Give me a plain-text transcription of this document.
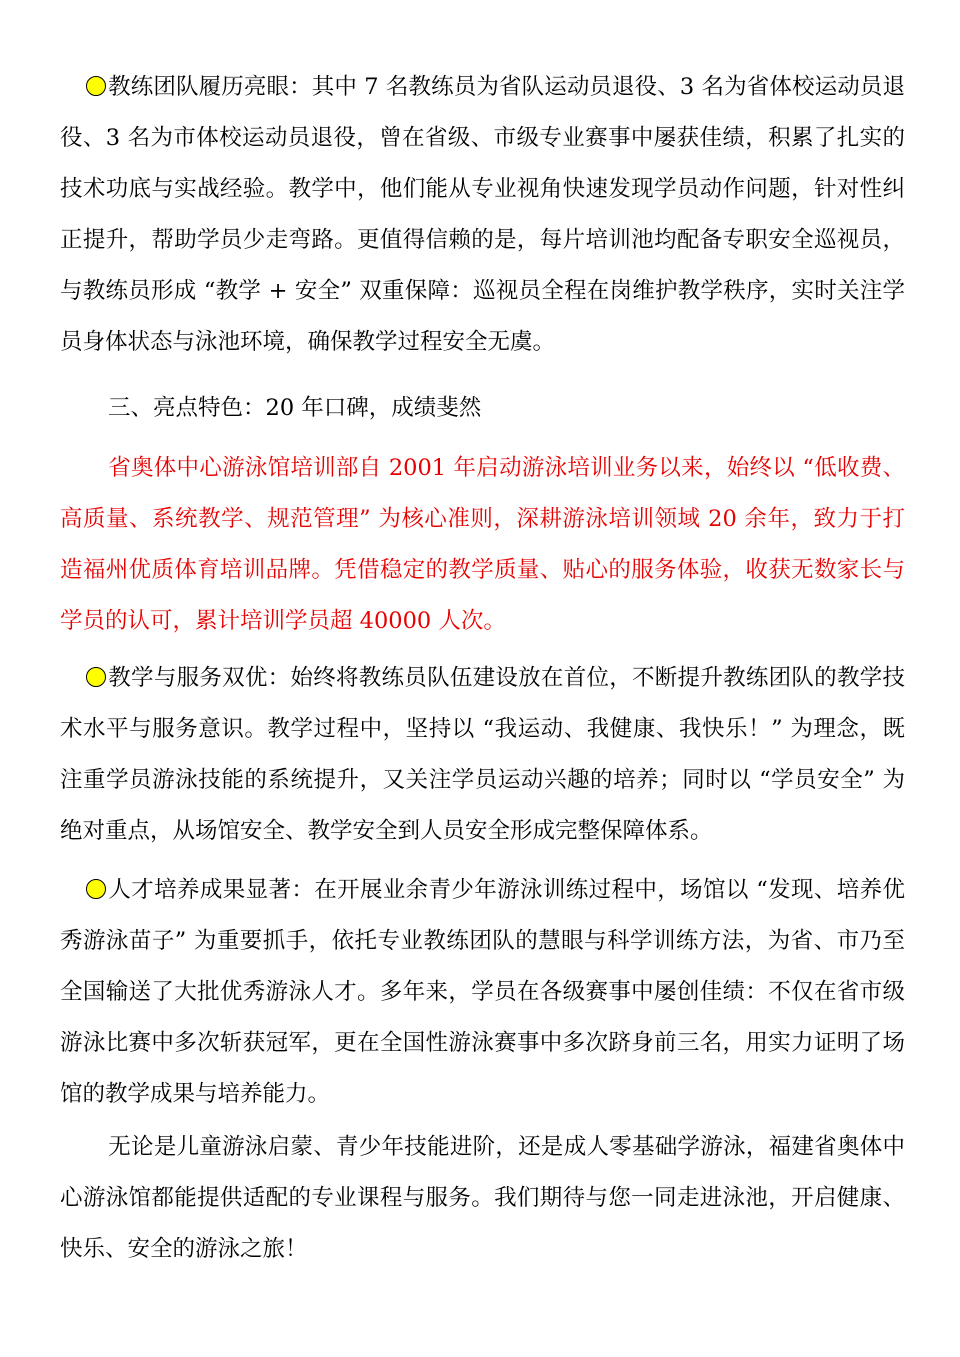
教练团队履历亮眼：其中 7 名教练员为省队运动员退役、3 名为省体校运动员退役、3 名为市体校运动员退役，曾在省级、市级专业赛事中屡获佳绩，积累了扎实的技术功底与实战经验。教学中，他们能从专业视角快速发现学员动作问题，针对性纠正提升，帮助学员少走弯路。更值得信赖的是，每片培训池均配备专职安全巡视员，与教练员形成 “教学 + 安全” 双重保障：巡视员全程在岗维护教学秩序，实时关注学员身体状态与泳池环境，确保教学过程安全无虞。

三、亮点特色：20 年口碑，成绩斐然

省奥体中心游泳馆培训部自 2001 年启动游泳培训业务以来，始终以 “低收费、高质量、系统教学、规范管理” 为核心准则，深耕游泳培训领域 20 余年，致力于打造福州优质体育培训品牌。凭借稳定的教学质量、贴心的服务体验，收获无数家长与学员的认可，累计培训学员超 40000 人次。

教学与服务双优：始终将教练员队伍建设放在首位，不断提升教练团队的教学技术水平与服务意识。教学过程中，坚持以 “我运动、我健康、我快乐！” 为理念，既注重学员游泳技能的系统提升，又关注学员运动兴趣的培养；同时以 “学员安全” 为绝对重点，从场馆安全、教学安全到人员安全形成完整保障体系。

人才培养成果显著：在开展业余青少年游泳训练过程中，场馆以 “发现、培养优秀游泳苗子” 为重要抓手，依托专业教练团队的慧眼与科学训练方法，为省、市乃至全国输送了大批优秀游泳人才。多年来，学员在各级赛事中屡创佳绩：不仅在省市级游泳比赛中多次斩获冠军，更在全国性游泳赛事中多次跻身前三名，用实力证明了场馆的教学成果与培养能力。

无论是儿童游泳启蒙、青少年技能进阶，还是成人零基础学游泳，福建省奥体中心游泳馆都能提供适配的专业课程与服务。我们期待与您一同走进泳池，开启健康、快乐、安全的游泳之旅！
